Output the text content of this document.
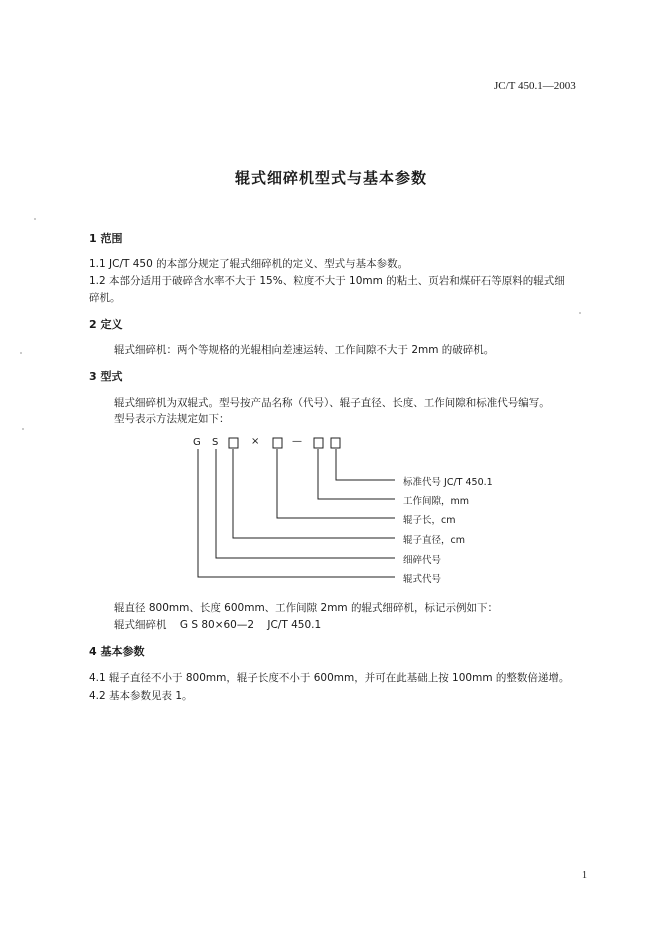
JC/T 450.1—2003
辊式细碎机型式与基本参数
1 范围
1.1 JC/T 450 的本部分规定了辊式细碎机的定义、型式与基本参数。
1.2 本部分适用于破碎含水率不大于 15%、粒度不大于 10mm 的粘土、页岩和煤矸石等原料的辊式细
碎机。
2 定义
辊式细碎机：两个等规格的光辊相向差速运转、工作间隙不大于 2mm 的破碎机。
3 型式
辊式细碎机为双辊式。型号按产品名称（代号）、辊子直径、长度、工作间隙和标准代号编写。
型号表示方法规定如下：
G S	×	—
标准代号 JC/T 450.1
工作间隙，mm
辊子长，cm
辊子直径，cm
细碎代号
辊式代号
辊直径 800mm、长度 600mm、工作间隙 2mm 的辊式细碎机，标记示例如下：
辊式细碎机    G S 80×60—2    JC/T 450.1
4 基本参数
4.1 辊子直径不小于 800mm，辊子长度不小于 600mm，并可在此基础上按 100mm 的整数倍递增。
4.2 基本参数见表 1。
1
